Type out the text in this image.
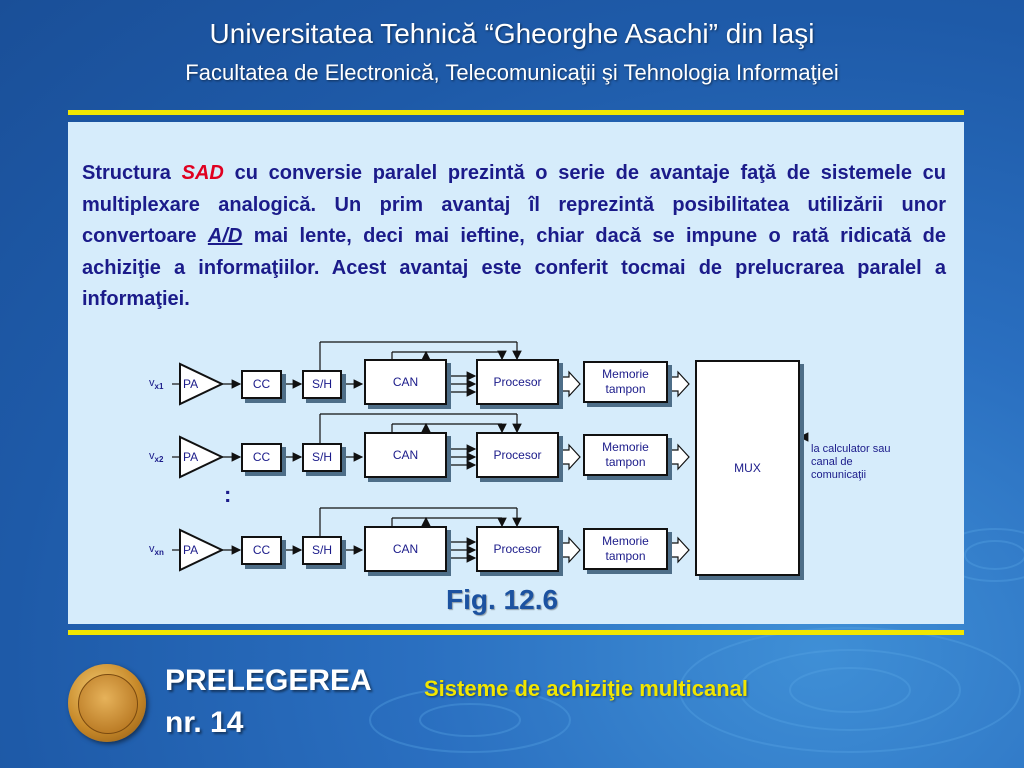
Universitatea Tehnică “Gheorghe Asachi” din Iaşi
Facultatea de Electronică, Telecomunicaţii şi Tehnologia Informaţiei

Structura SAD cu conversie paralel prezintă o serie de avantaje faţă de sistemele cu multiplexare analogică. Un prim avantaj îl reprezintă posibilitatea utilizării unor convertoare A/D mai lente, deci mai ieftine, chiar dacă se impune o rată ridicată de achiziţie a informaţiilor. Acest avantaj este conferit tocmai de prelucrarea paralel a informaţiei.

$v_{x1}$
$v_{x2}$
$v_{xn}$
PA
PA
PA
CC	S/H	CAN	Procesor
Memorie
tampon
CC	S/H	CAN	Procesor
Memorie
tampon
CC	S/H	CAN	Procesor
Memorie
tampon
MUX
:
la calculator sau
canal de
comunicaţii
Fig. 12.6
PRELEGEREA
nr. 14
Sisteme de achiziţie multicanal
